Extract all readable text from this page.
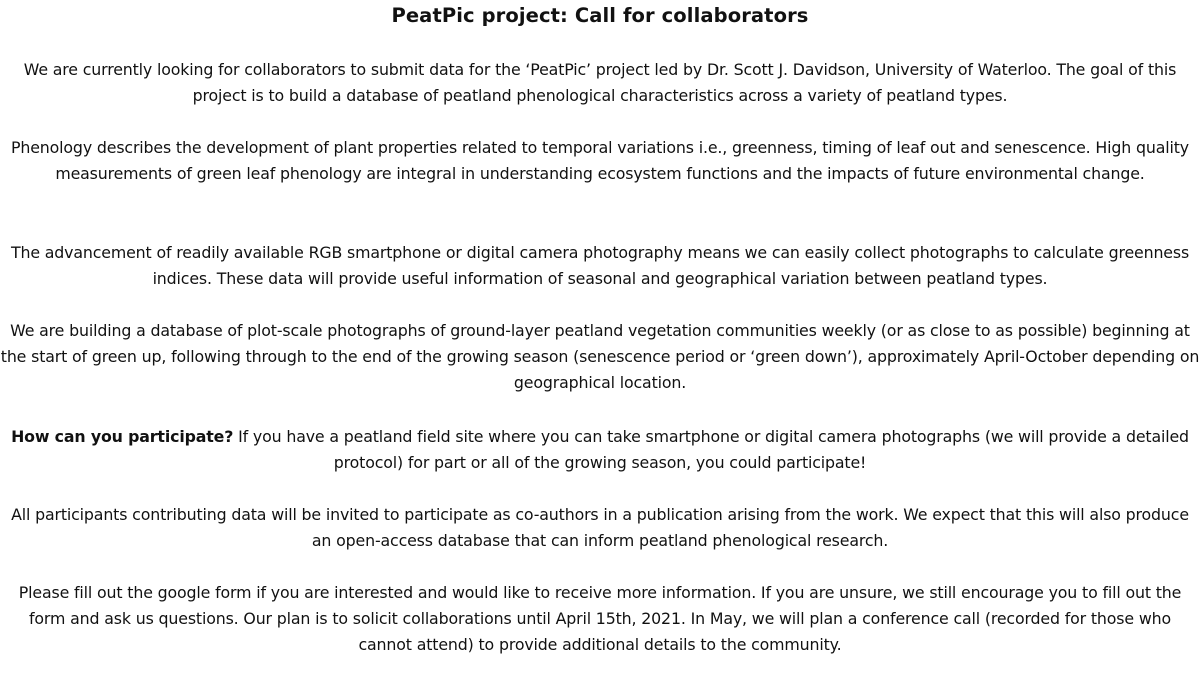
PeatPic project: Call for collaborators

We are currently looking for collaborators to submit data for the ‘PeatPic’ project led by Dr. Scott J. Davidson, University of Waterloo. The goal of this project is to build a database of peatland phenological characteristics across a variety of peatland types.

Phenology describes the development of plant properties related to temporal variations i.e., greenness, timing of leaf out and senescence. High quality measurements of green leaf phenology are integral in understanding ecosystem functions and the impacts of future environmental change.

The advancement of readily available RGB smartphone or digital camera photography means we can easily collect photographs to calculate greenness indices. These data will provide useful information of seasonal and geographical variation between peatland types.

We are building a database of plot-scale photographs of ground-layer peatland vegetation communities weekly (or as close to as possible) beginning at the start of green up, following through to the end of the growing season (senescence period or ‘green down’), approximately April-October depending on geographical location.

How can you participate? If you have a peatland field site where you can take smartphone or digital camera photographs (we will provide a detailed protocol) for part or all of the growing season, you could participate!

All participants contributing data will be invited to participate as co-authors in a publication arising from the work. We expect that this will also produce an open-access database that can inform peatland phenological research.

Please fill out the google form if you are interested and would like to receive more information. If you are unsure, we still encourage you to fill out the form and ask us questions. Our plan is to solicit collaborations until April 15th, 2021. In May, we will plan a conference call (recorded for those who cannot attend) to provide additional details to the community.
